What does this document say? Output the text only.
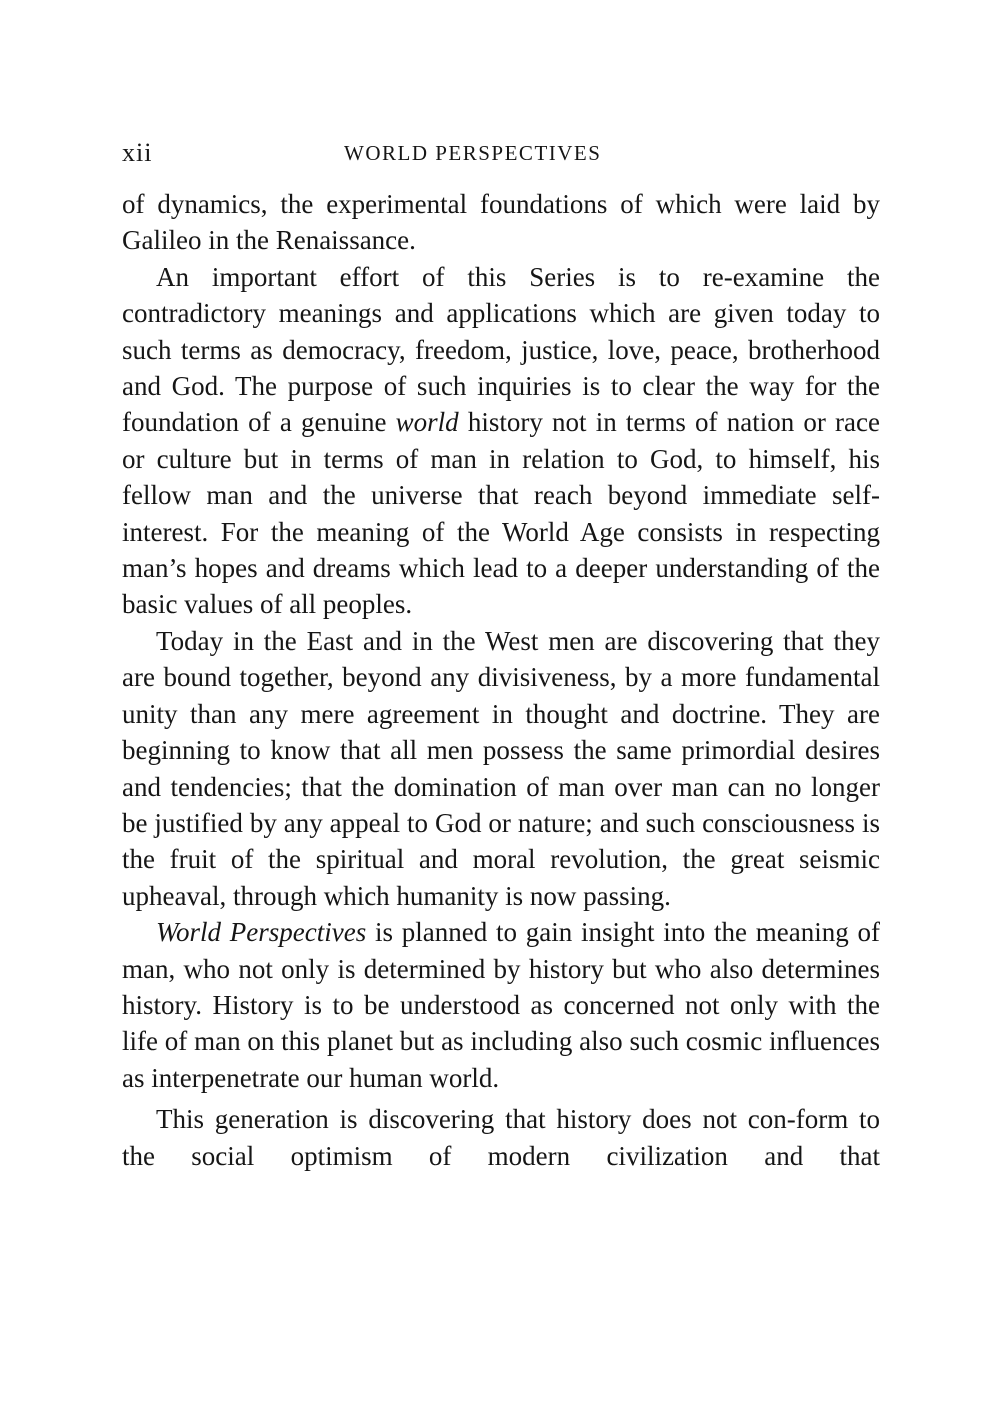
xii	WORLD PERSPECTIVES

of dynamics, the experimental foundations of which were laid by Galileo in the Renaissance.

An important effort of this Series is to re-examine the contradictory meanings and applications which are given today to such terms as democracy, freedom, justice, love, peace, brotherhood and God. The purpose of such inquiries is to clear the way for the foundation of a genuine world history not in terms of nation or race or culture but in terms of man in relation to God, to himself, his fellow man and the universe that reach beyond immediate self-interest. For the meaning of the World Age consists in respecting man’s hopes and dreams which lead to a deeper understanding of the basic values of all peoples.

Today in the East and in the West men are discovering that they are bound together, beyond any divisiveness, by a more fundamental unity than any mere agreement in thought and doctrine. They are beginning to know that all men possess the same primordial desires and tendencies; that the domination of man over man can no longer be justified by any appeal to God or nature; and such consciousness is the fruit of the spiritual and moral revolution, the great seismic upheaval, through which humanity is now passing.

World Perspectives is planned to gain insight into the meaning of man, who not only is determined by history but who also determines history. History is to be understood as concerned not only with the life of man on this planet but as including also such cosmic influences as interpenetrate our human world.

This generation is discovering that history does not con-form to the social optimism of modern civilization and that
